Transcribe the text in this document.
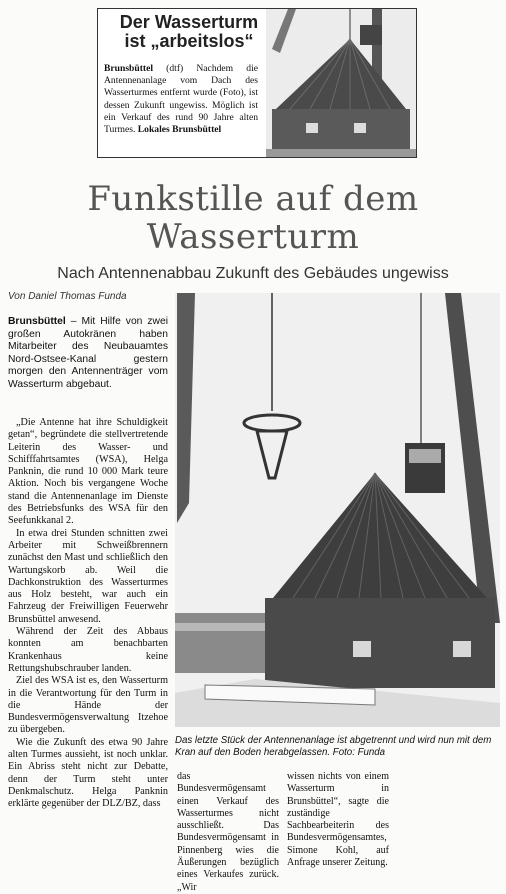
Der Wasserturm
ist „arbeitslos“
Brunsbüttel (dtf) Nachdem die Antennenanlage vom Dach des Wasserturmes entfernt wurde (Foto), ist dessen Zukunft ungewiss. Möglich ist ein Verkauf des rund 90 Jahre alten Turmes. Lokales Brunsbüttel
Funkstille auf dem
Wasserturm
Nach Antennenabbau Zukunft des Gebäudes ungewiss
Von Daniel Thomas Funda
Brunsbüttel – Mit Hilfe von zwei großen Autokränen haben Mitarbeiter des Neubauamtes Nord-Ostsee-Kanal gestern morgen den Antennenträger vom Wasserturm abgebaut.

„Die Antenne hat ihre Schuldigkeit getan“, begründete die stellvertretende Leiterin des Wasser- und Schifffahrtsamtes (WSA), Helga Panknin, die rund 10 000 Mark teure Aktion. Noch bis vergangene Woche stand die Antennenanlage im Dienste des Betriebsfunks des WSA für den Seefunkkanal 2.

In etwa drei Stunden schnitten zwei Arbeiter mit Schweißbrennern zunächst den Mast und schließlich den Wartungskorb ab. Weil die Dachkonstruktion des Wasserturmes aus Holz besteht, war auch ein Fahrzeug der Freiwilligen Feuerwehr Brunsbüttel anwesend.

Während der Zeit des Abbaus konnten am benachbarten Krankenhaus keine Rettungshubschrauber landen.

Ziel des WSA ist es, den Wasserturm in die Verantwortung für den Turm in die Hände der Bundesvermögensverwaltung Itzehoe zu übergeben.

Wie die Zukunft des etwa 90 Jahre alten Turmes aussieht, ist noch unklar. Ein Abriss steht nicht zur Debatte, denn der Turm steht unter Denkmalschutz. Helga Panknin erklärte gegenüber der DLZ/BZ, dass

Das letzte Stück der Antennenanlage ist abgetrennt und wird nun mit dem Kran auf den Boden herabgelassen. Foto: Funda

das Bundesvermögensamt einen Verkauf des Wasserturmes nicht ausschließt. Das Bundesvermögensamt in Pinnenberg wies die Äußerungen bezüglich eines Verkaufes zurück. „Wir

wissen nichts von einem Wasserturm in Brunsbüttel“, sagte die zuständige Sachbearbeiterin des Bundesvermögensamtes, Simone Kohl, auf Anfrage unserer Zeitung.
